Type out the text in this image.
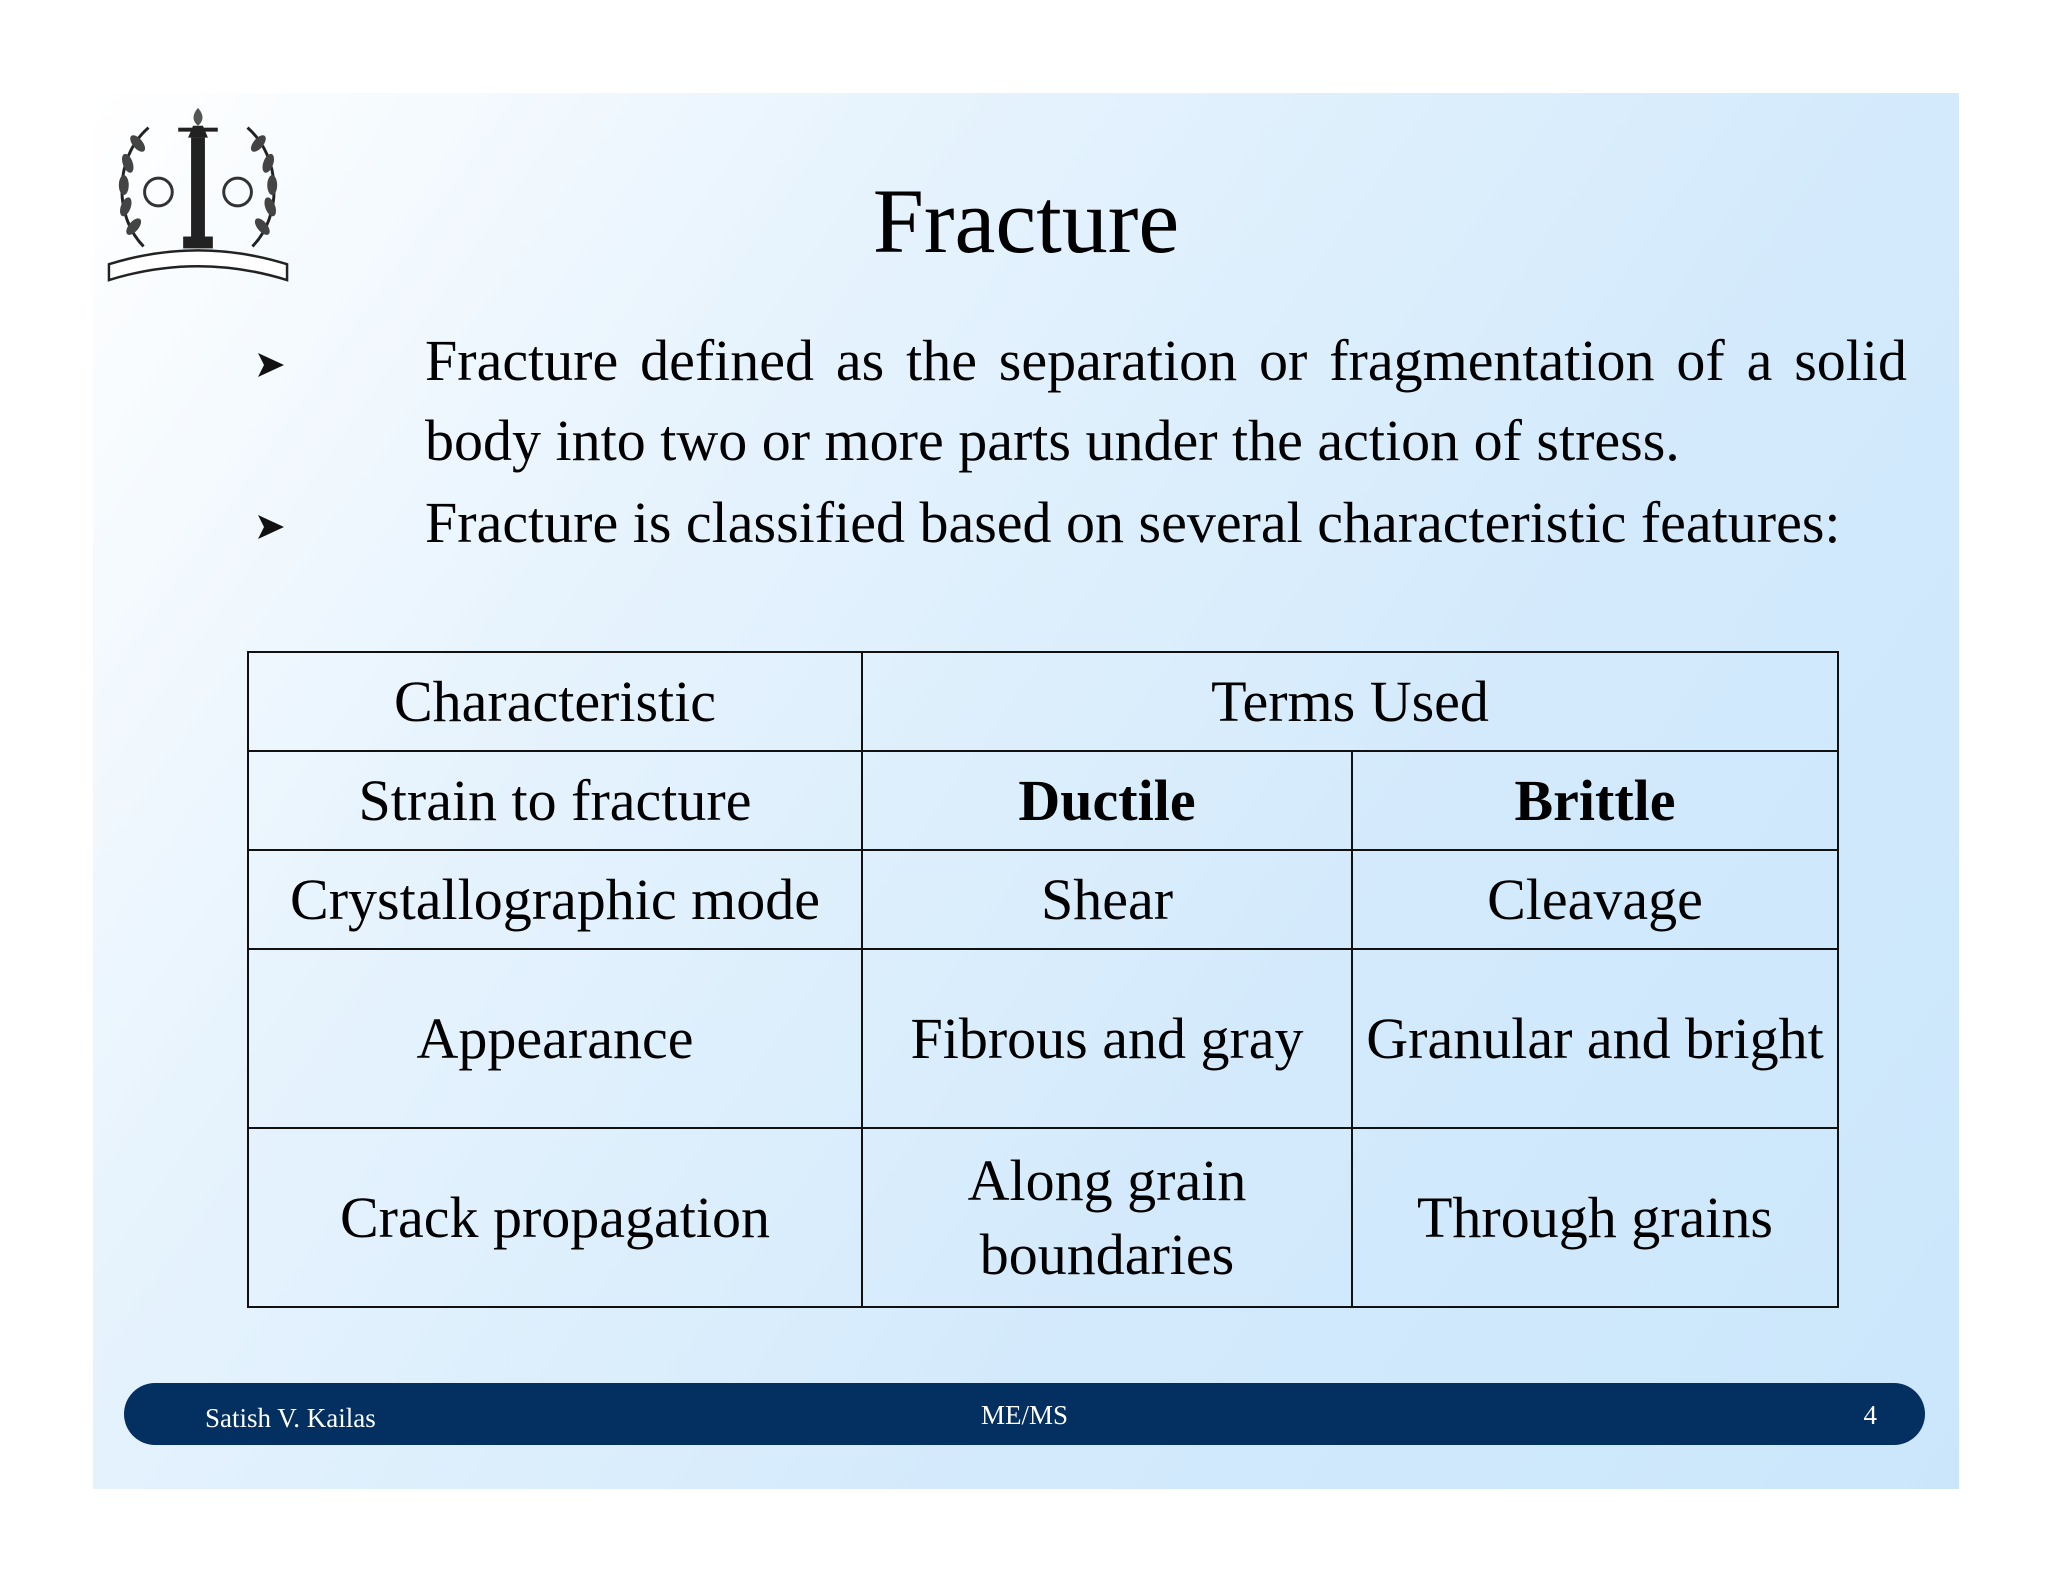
Fracture
Fracture defined as the separation or fragmentation of a solid body into two or more parts under the action of stress.
Fracture is classified based on several characteristic features:
Characteristic	Terms Used	
Strain to fracture	Ductile	Brittle
Crystallographic mode	Shear	Cleavage
Appearance	Fibrous and gray	Granular and bright
Crack propagation	Along grain boundaries	Through grains
Satish V. Kailas	ME/MS	4
